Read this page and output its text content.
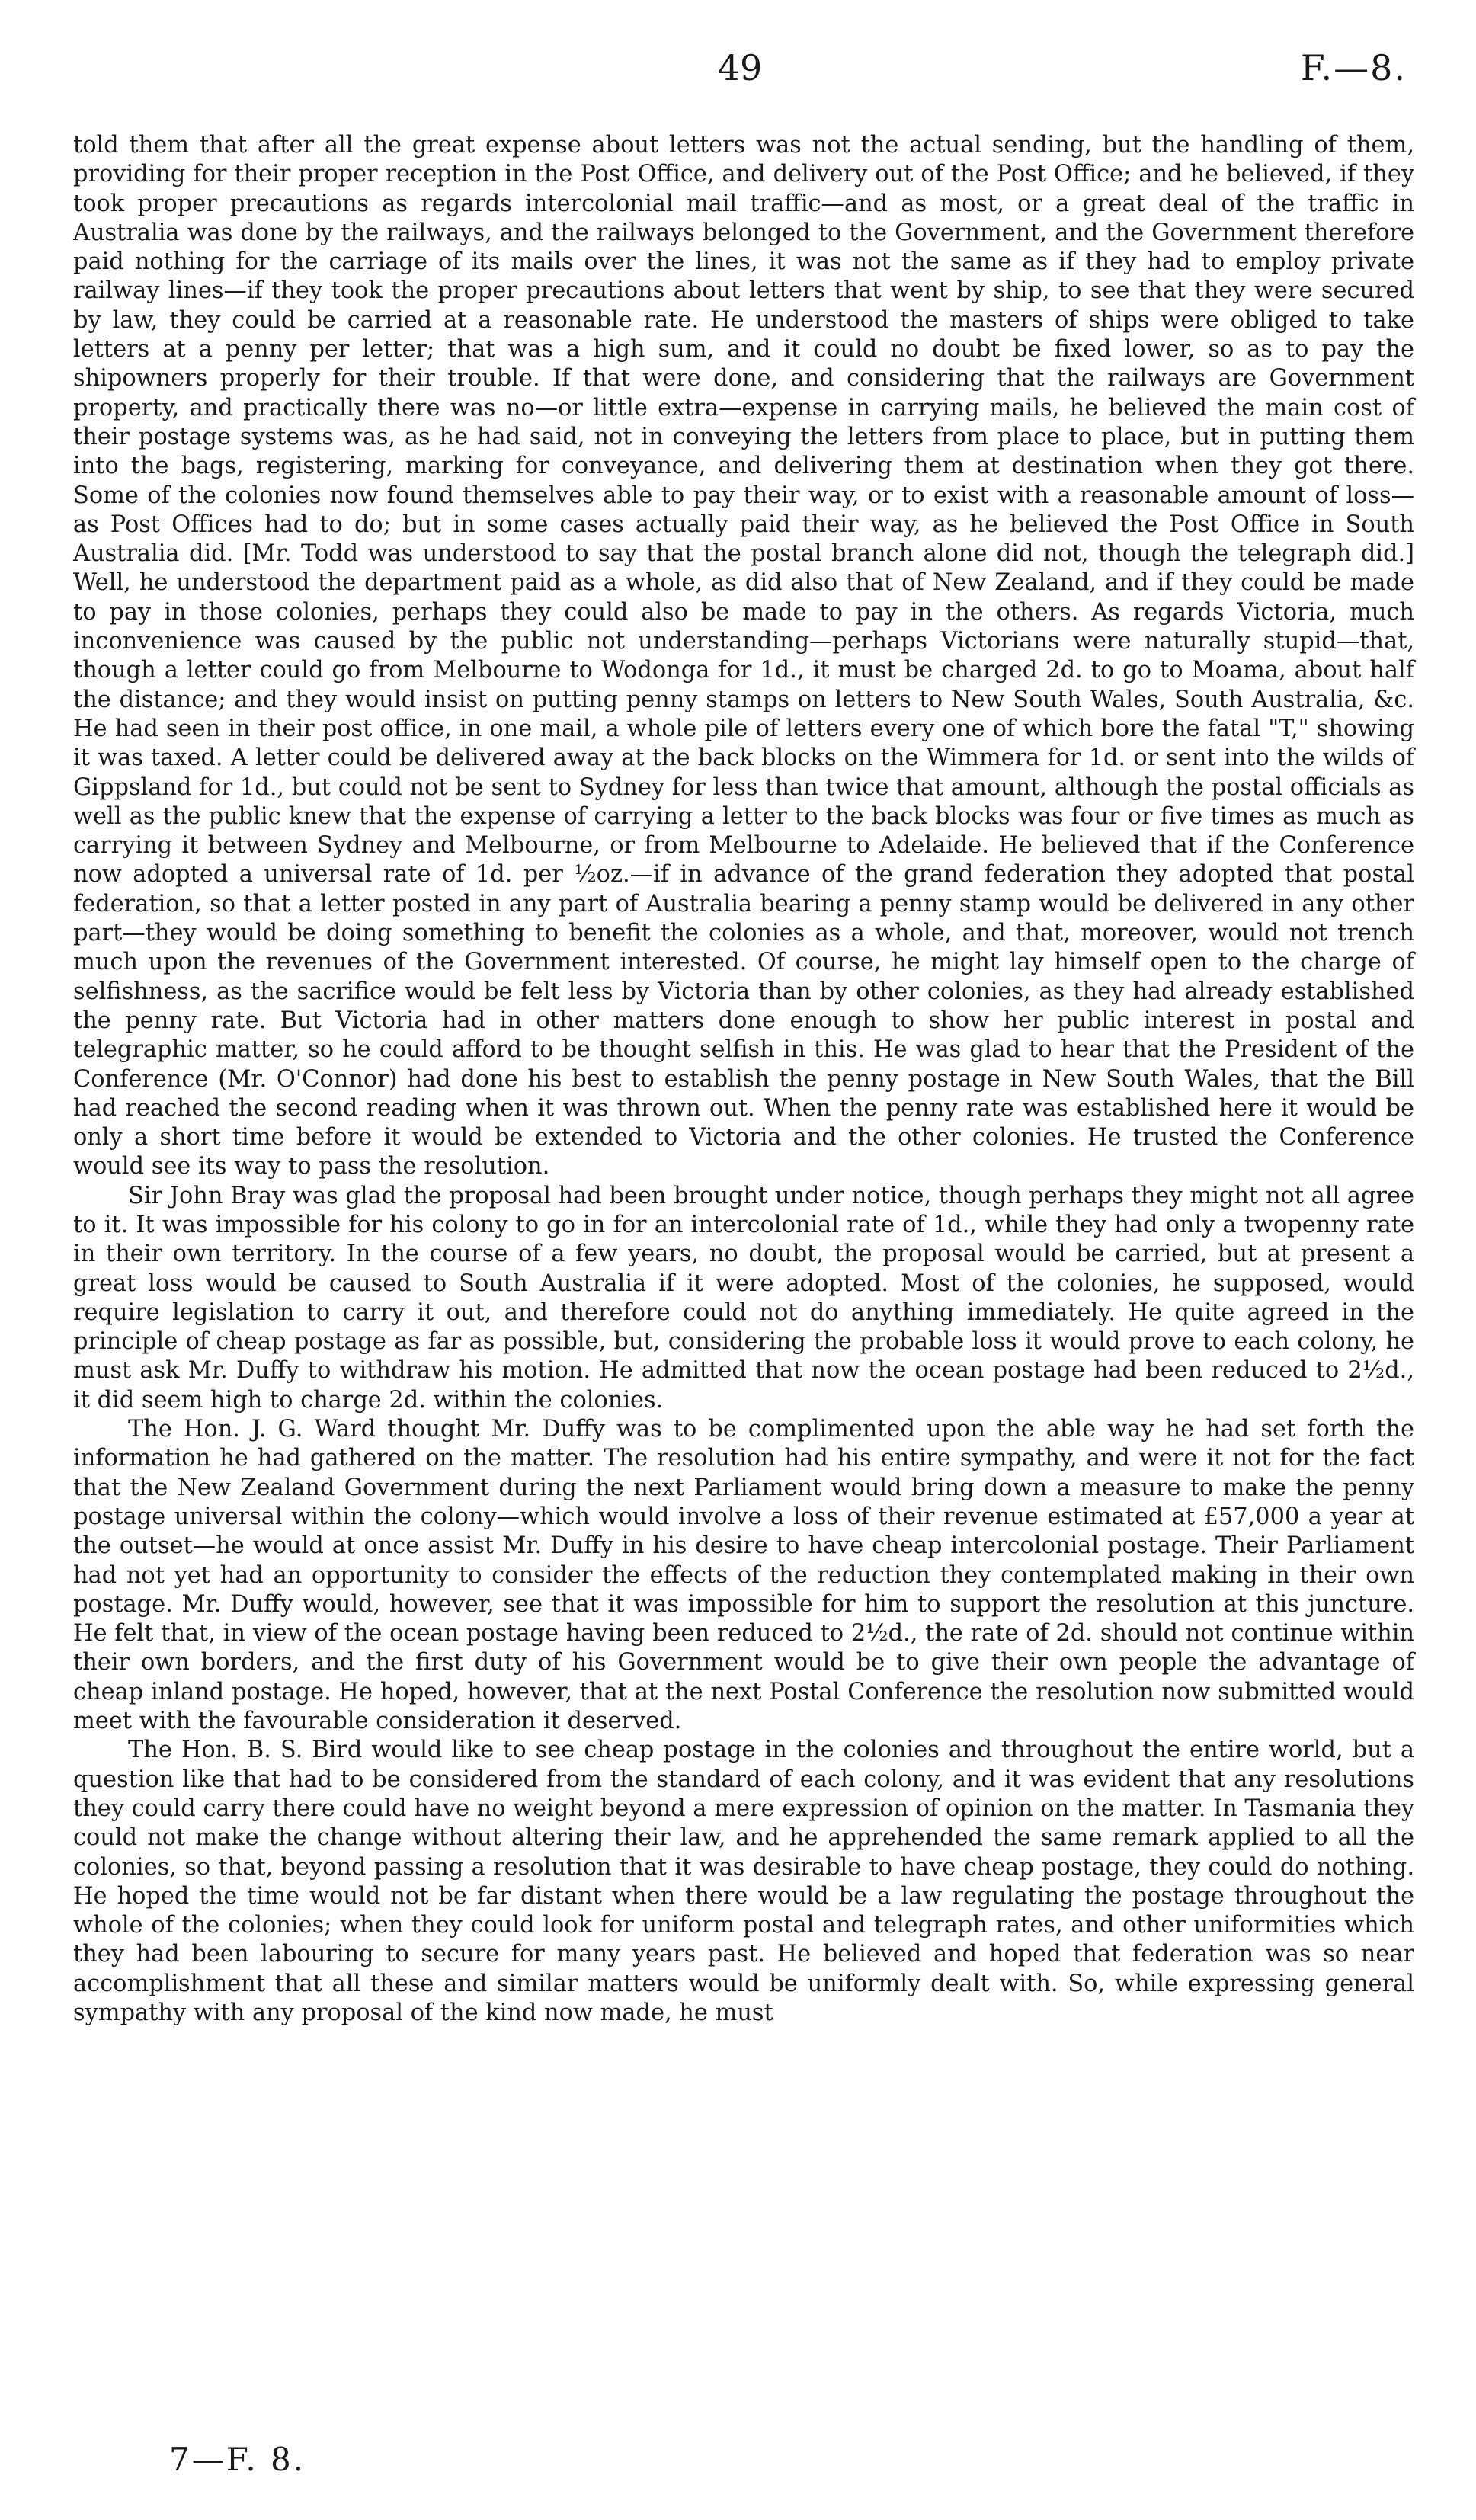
49	F.—8.

told them that after all the great expense about letters was not the actual sending, but the handling of them, providing for their proper reception in the Post Office, and delivery out of the Post Office; and he believed, if they took proper precautions as regards intercolonial mail traffic—and as most, or a great deal of the traffic in Australia was done by the railways, and the railways belonged to the Government, and the Government therefore paid nothing for the carriage of its mails over the lines, it was not the same as if they had to employ private railway lines—if they took the proper precautions about letters that went by ship, to see that they were secured by law, they could be carried at a reasonable rate. He understood the masters of ships were obliged to take letters at a penny per letter; that was a high sum, and it could no doubt be fixed lower, so as to pay the shipowners properly for their trouble. If that were done, and considering that the railways are Government property, and practically there was no—or little extra—expense in carrying mails, he believed the main cost of their postage systems was, as he had said, not in conveying the letters from place to place, but in putting them into the bags, registering, marking for conveyance, and delivering them at destination when they got there. Some of the colonies now found themselves able to pay their way, or to exist with a reasonable amount of loss—as Post Offices had to do; but in some cases actually paid their way, as he believed the Post Office in South Australia did. [Mr. Todd was understood to say that the postal branch alone did not, though the telegraph did.] Well, he understood the department paid as a whole, as did also that of New Zealand, and if they could be made to pay in those colonies, perhaps they could also be made to pay in the others. As regards Victoria, much inconvenience was caused by the public not understanding—perhaps Victorians were naturally stupid—that, though a letter could go from Melbourne to Wodonga for 1d., it must be charged 2d. to go to Moama, about half the distance; and they would insist on putting penny stamps on letters to New South Wales, South Australia, &c. He had seen in their post office, in one mail, a whole pile of letters every one of which bore the fatal "T," showing it was taxed. A letter could be delivered away at the back blocks on the Wimmera for 1d. or sent into the wilds of Gippsland for 1d., but could not be sent to Sydney for less than twice that amount, although the postal officials as well as the public knew that the expense of carrying a letter to the back blocks was four or five times as much as carrying it between Sydney and Melbourne, or from Melbourne to Adelaide. He believed that if the Conference now adopted a universal rate of 1d. per ½oz.—if in advance of the grand federation they adopted that postal federation, so that a letter posted in any part of Australia bearing a penny stamp would be delivered in any other part—they would be doing something to benefit the colonies as a whole, and that, moreover, would not trench much upon the revenues of the Government interested. Of course, he might lay himself open to the charge of selfishness, as the sacrifice would be felt less by Victoria than by other colonies, as they had already established the penny rate. But Victoria had in other matters done enough to show her public interest in postal and telegraphic matter, so he could afford to be thought selfish in this. He was glad to hear that the President of the Conference (Mr. O'Connor) had done his best to establish the penny postage in New South Wales, that the Bill had reached the second reading when it was thrown out. When the penny rate was established here it would be only a short time before it would be extended to Victoria and the other colonies. He trusted the Conference would see its way to pass the resolution.

Sir John Bray was glad the proposal had been brought under notice, though perhaps they might not all agree to it. It was impossible for his colony to go in for an intercolonial rate of 1d., while they had only a twopenny rate in their own territory. In the course of a few years, no doubt, the proposal would be carried, but at present a great loss would be caused to South Australia if it were adopted. Most of the colonies, he supposed, would require legislation to carry it out, and therefore could not do anything immediately. He quite agreed in the principle of cheap postage as far as possible, but, considering the probable loss it would prove to each colony, he must ask Mr. Duffy to withdraw his motion. He admitted that now the ocean postage had been reduced to 2½d., it did seem high to charge 2d. within the colonies.

The Hon. J. G. Ward thought Mr. Duffy was to be complimented upon the able way he had set forth the information he had gathered on the matter. The resolution had his entire sympathy, and were it not for the fact that the New Zealand Government during the next Parliament would bring down a measure to make the penny postage universal within the colony—which would involve a loss of their revenue estimated at £57,000 a year at the outset—he would at once assist Mr. Duffy in his desire to have cheap intercolonial postage. Their Parliament had not yet had an opportunity to consider the effects of the reduction they contemplated making in their own postage. Mr. Duffy would, however, see that it was impossible for him to support the resolution at this juncture. He felt that, in view of the ocean postage having been reduced to 2½d., the rate of 2d. should not continue within their own borders, and the first duty of his Government would be to give their own people the advantage of cheap inland postage. He hoped, however, that at the next Postal Conference the resolution now submitted would meet with the favourable consideration it deserved.

The Hon. B. S. Bird would like to see cheap postage in the colonies and throughout the entire world, but a question like that had to be considered from the standard of each colony, and it was evident that any resolutions they could carry there could have no weight beyond a mere expression of opinion on the matter. In Tasmania they could not make the change without altering their law, and he apprehended the same remark applied to all the colonies, so that, beyond passing a resolution that it was desirable to have cheap postage, they could do nothing. He hoped the time would not be far distant when there would be a law regulating the postage throughout the whole of the colonies; when they could look for uniform postal and telegraph rates, and other uniformities which they had been labouring to secure for many years past. He believed and hoped that federation was so near accomplishment that all these and similar matters would be uniformly dealt with. So, while expressing general sympathy with any proposal of the kind now made, he must

7—F. 8.
